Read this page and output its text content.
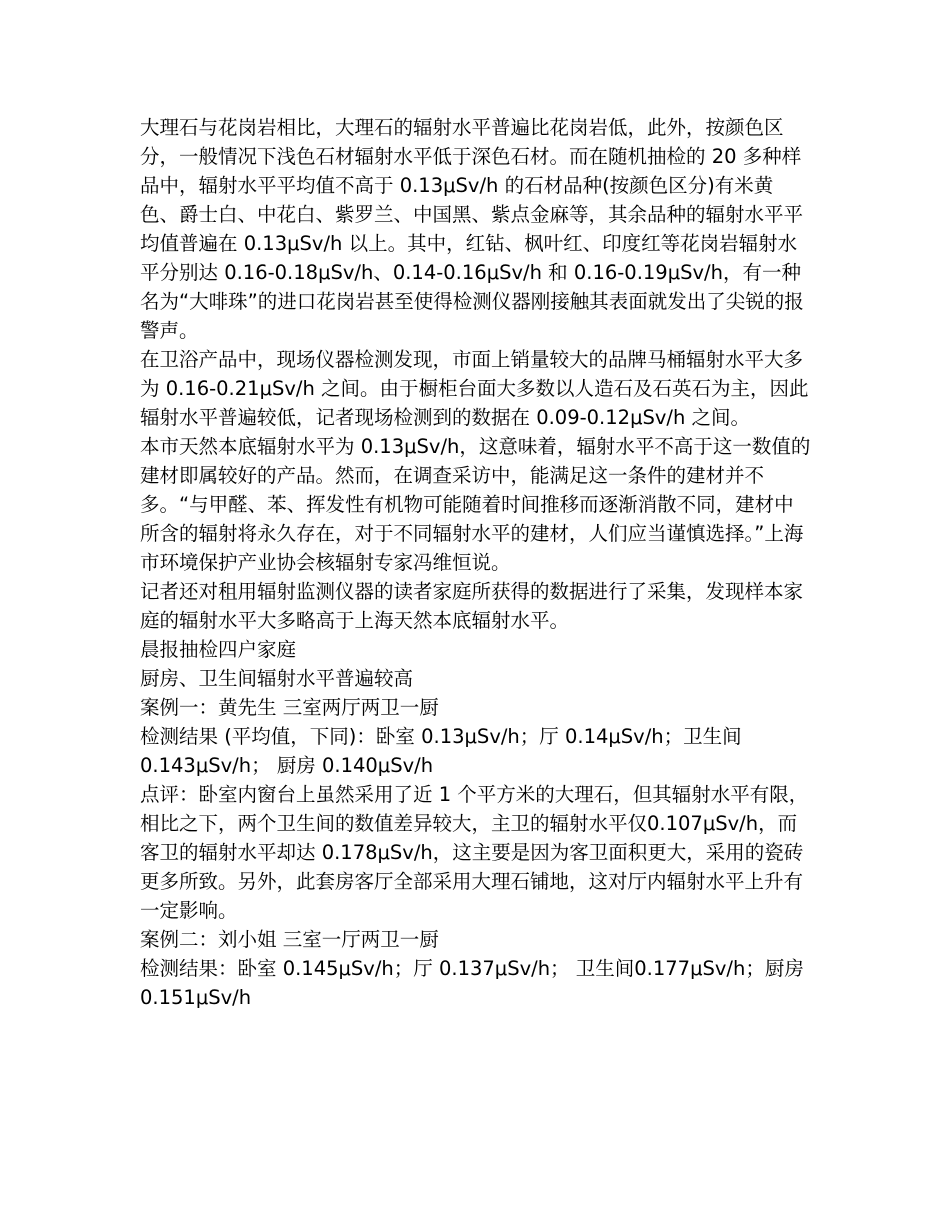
大理石与花岗岩相比，大理石的辐射水平普遍比花岗岩低，此外，按颜色区分，一般情况下浅色石材辐射水平低于深色石材。而在随机抽检的 20 多种样品中，辐射水平平均值不高于 0.13μSv/h 的石材品种(按颜色区分)有米黄色、爵士白、中花白、紫罗兰、中国黑、紫点金麻等，其余品种的辐射水平平均值普遍在 0.13μSv/h 以上。其中，红钻、枫叶红、印度红等花岗岩辐射水平分别达 0.16-0.18μSv/h、0.14-0.16μSv/h 和 0.16-0.19μSv/h，有一种名为“大啡珠”的进口花岗岩甚至使得检测仪器刚接触其表面就发出了尖锐的报警声。

在卫浴产品中，现场仪器检测发现，市面上销量较大的品牌马桶辐射水平大多为 0.16-0.21μSv/h 之间。由于橱柜台面大多数以人造石及石英石为主，因此辐射水平普遍较低，记者现场检测到的数据在 0.09-0.12μSv/h 之间。

本市天然本底辐射水平为 0.13μSv/h，这意味着，辐射水平不高于这一数值的建材即属较好的产品。然而，在调查采访中，能满足这一条件的建材并不多。“与甲醛、苯、挥发性有机物可能随着时间推移而逐渐消散不同，建材中所含的辐射将永久存在，对于不同辐射水平的建材，人们应当谨慎选择。”上海市环境保护产业协会核辐射专家冯维恒说。

记者还对租用辐射监测仪器的读者家庭所获得的数据进行了采集，发现样本家庭的辐射水平大多略高于上海天然本底辐射水平。

晨报抽检四户家庭

厨房、卫生间辐射水平普遍较高

案例一：黄先生 三室两厅两卫一厨

检测结果 (平均值，下同)：卧室 0.13μSv/h；厅 0.14μSv/h；卫生间0.143μSv/h； 厨房 0.140μSv/h

点评：卧室内窗台上虽然采用了近 1 个平方米的大理石，但其辐射水平有限，相比之下，两个卫生间的数值差异较大，主卫的辐射水平仅0.107μSv/h，而客卫的辐射水平却达 0.178μSv/h，这主要是因为客卫面积更大，采用的瓷砖更多所致。另外，此套房客厅全部采用大理石铺地，这对厅内辐射水平上升有一定影响。

案例二：刘小姐 三室一厅两卫一厨

检测结果：卧室 0.145μSv/h；厅 0.137μSv/h； 卫生间0.177μSv/h；厨房 0.151μSv/h
